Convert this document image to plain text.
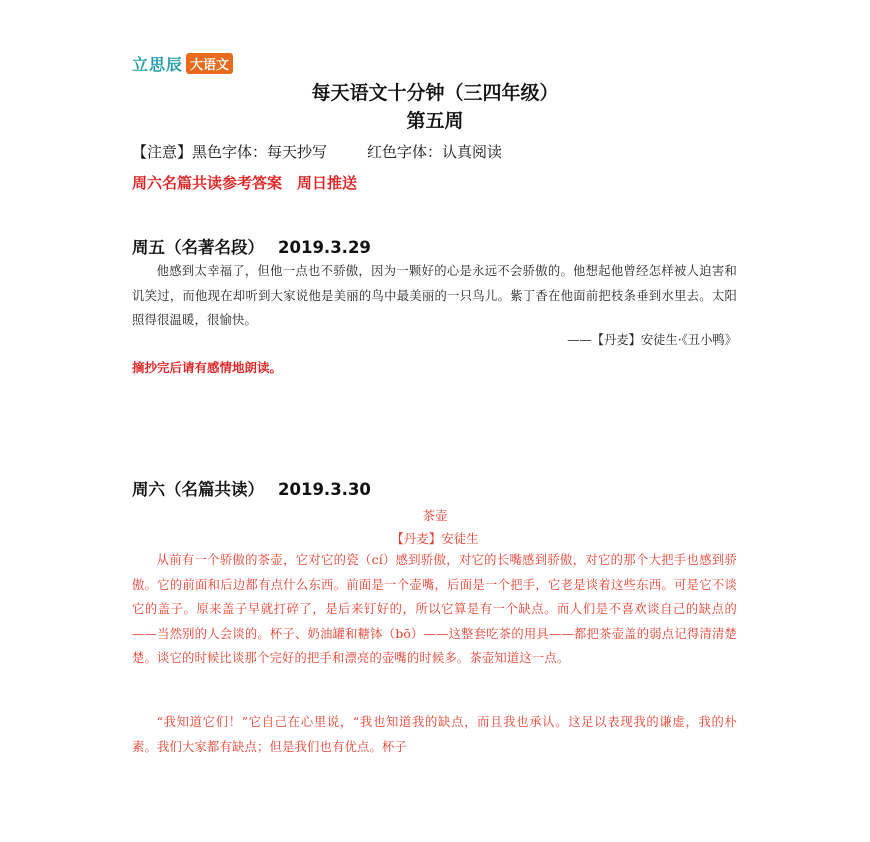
立思辰 大语文
每天语文十分钟（三四年级）
第五周
【注意】黑色字体：每天抄写	红色字体：认真阅读
周六名篇共读参考答案　周日推送
周五（名著名段） 2019.3.29
他感到太幸福了，但他一点也不骄傲，因为一颗好的心是永远不会骄傲的。他想起他曾经怎样被人迫害和讥笑过，而他现在却听到大家说他是美丽的鸟中最美丽的一只鸟儿。紫丁香在他面前把枝条垂到水里去。太阳照得很温暖，很愉快。
——【丹麦】安徒生·《丑小鸭》
摘抄完后请有感情地朗读。
周六（名篇共读） 2019.3.30
茶壶
【丹麦】安徒生
从前有一个骄傲的茶壶，它对它的瓷（cí）感到骄傲，对它的长嘴感到骄傲，对它的那个大把手也感到骄傲。它的前面和后边都有点什么东西。前面是一个壶嘴，后面是一个把手，它老是谈着这些东西。可是它不谈它的盖子。原来盖子早就打碎了，是后来钉好的，所以它算是有一个缺点。而人们是不喜欢谈自己的缺点的——当然别的人会谈的。杯子、奶油罐和糖钵（bō）——这整套吃茶的用具——都把茶壶盖的弱点记得清清楚楚。谈它的时候比谈那个完好的把手和漂亮的壶嘴的时候多。茶壶知道这一点。
“我知道它们！”它自己在心里说，“我也知道我的缺点，而且我也承认。这足以表现我的谦虚，我的朴素。我们大家都有缺点；但是我们也有优点。杯子
